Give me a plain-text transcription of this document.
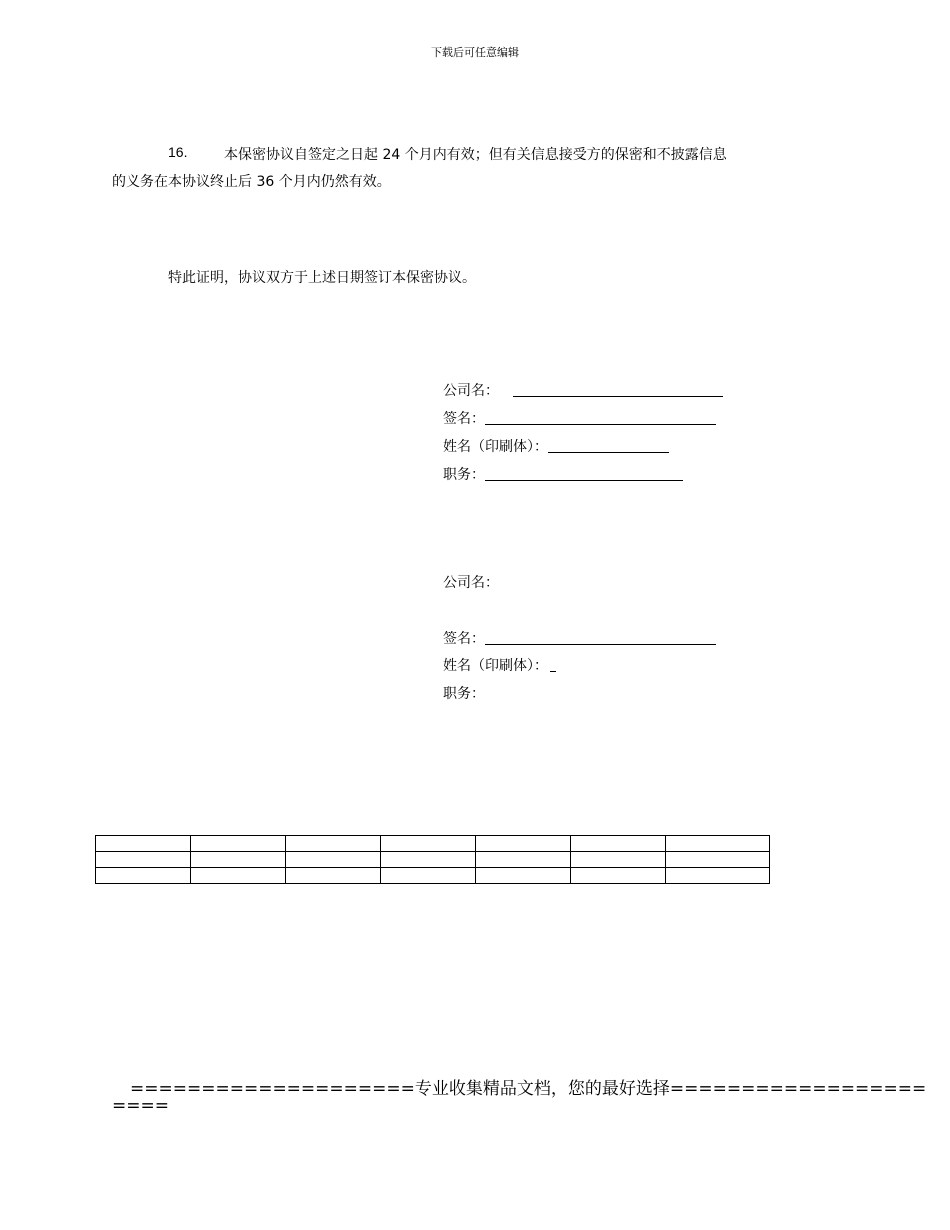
下载后可任意编辑
16.	本保密协议自签定之日起 24 个月内有效；但有关信息接受方的保密和不披露信息
的义务在本协议终止后 36 个月内仍然有效。
特此证明，协议双方于上述日期签订本保密协议。
公司名：
签名：
姓名（印刷体）：
职务：
公司名：
签名：
姓名（印刷体）：
职务：

====================专业收集精品文档，您的最好选择==================
====
